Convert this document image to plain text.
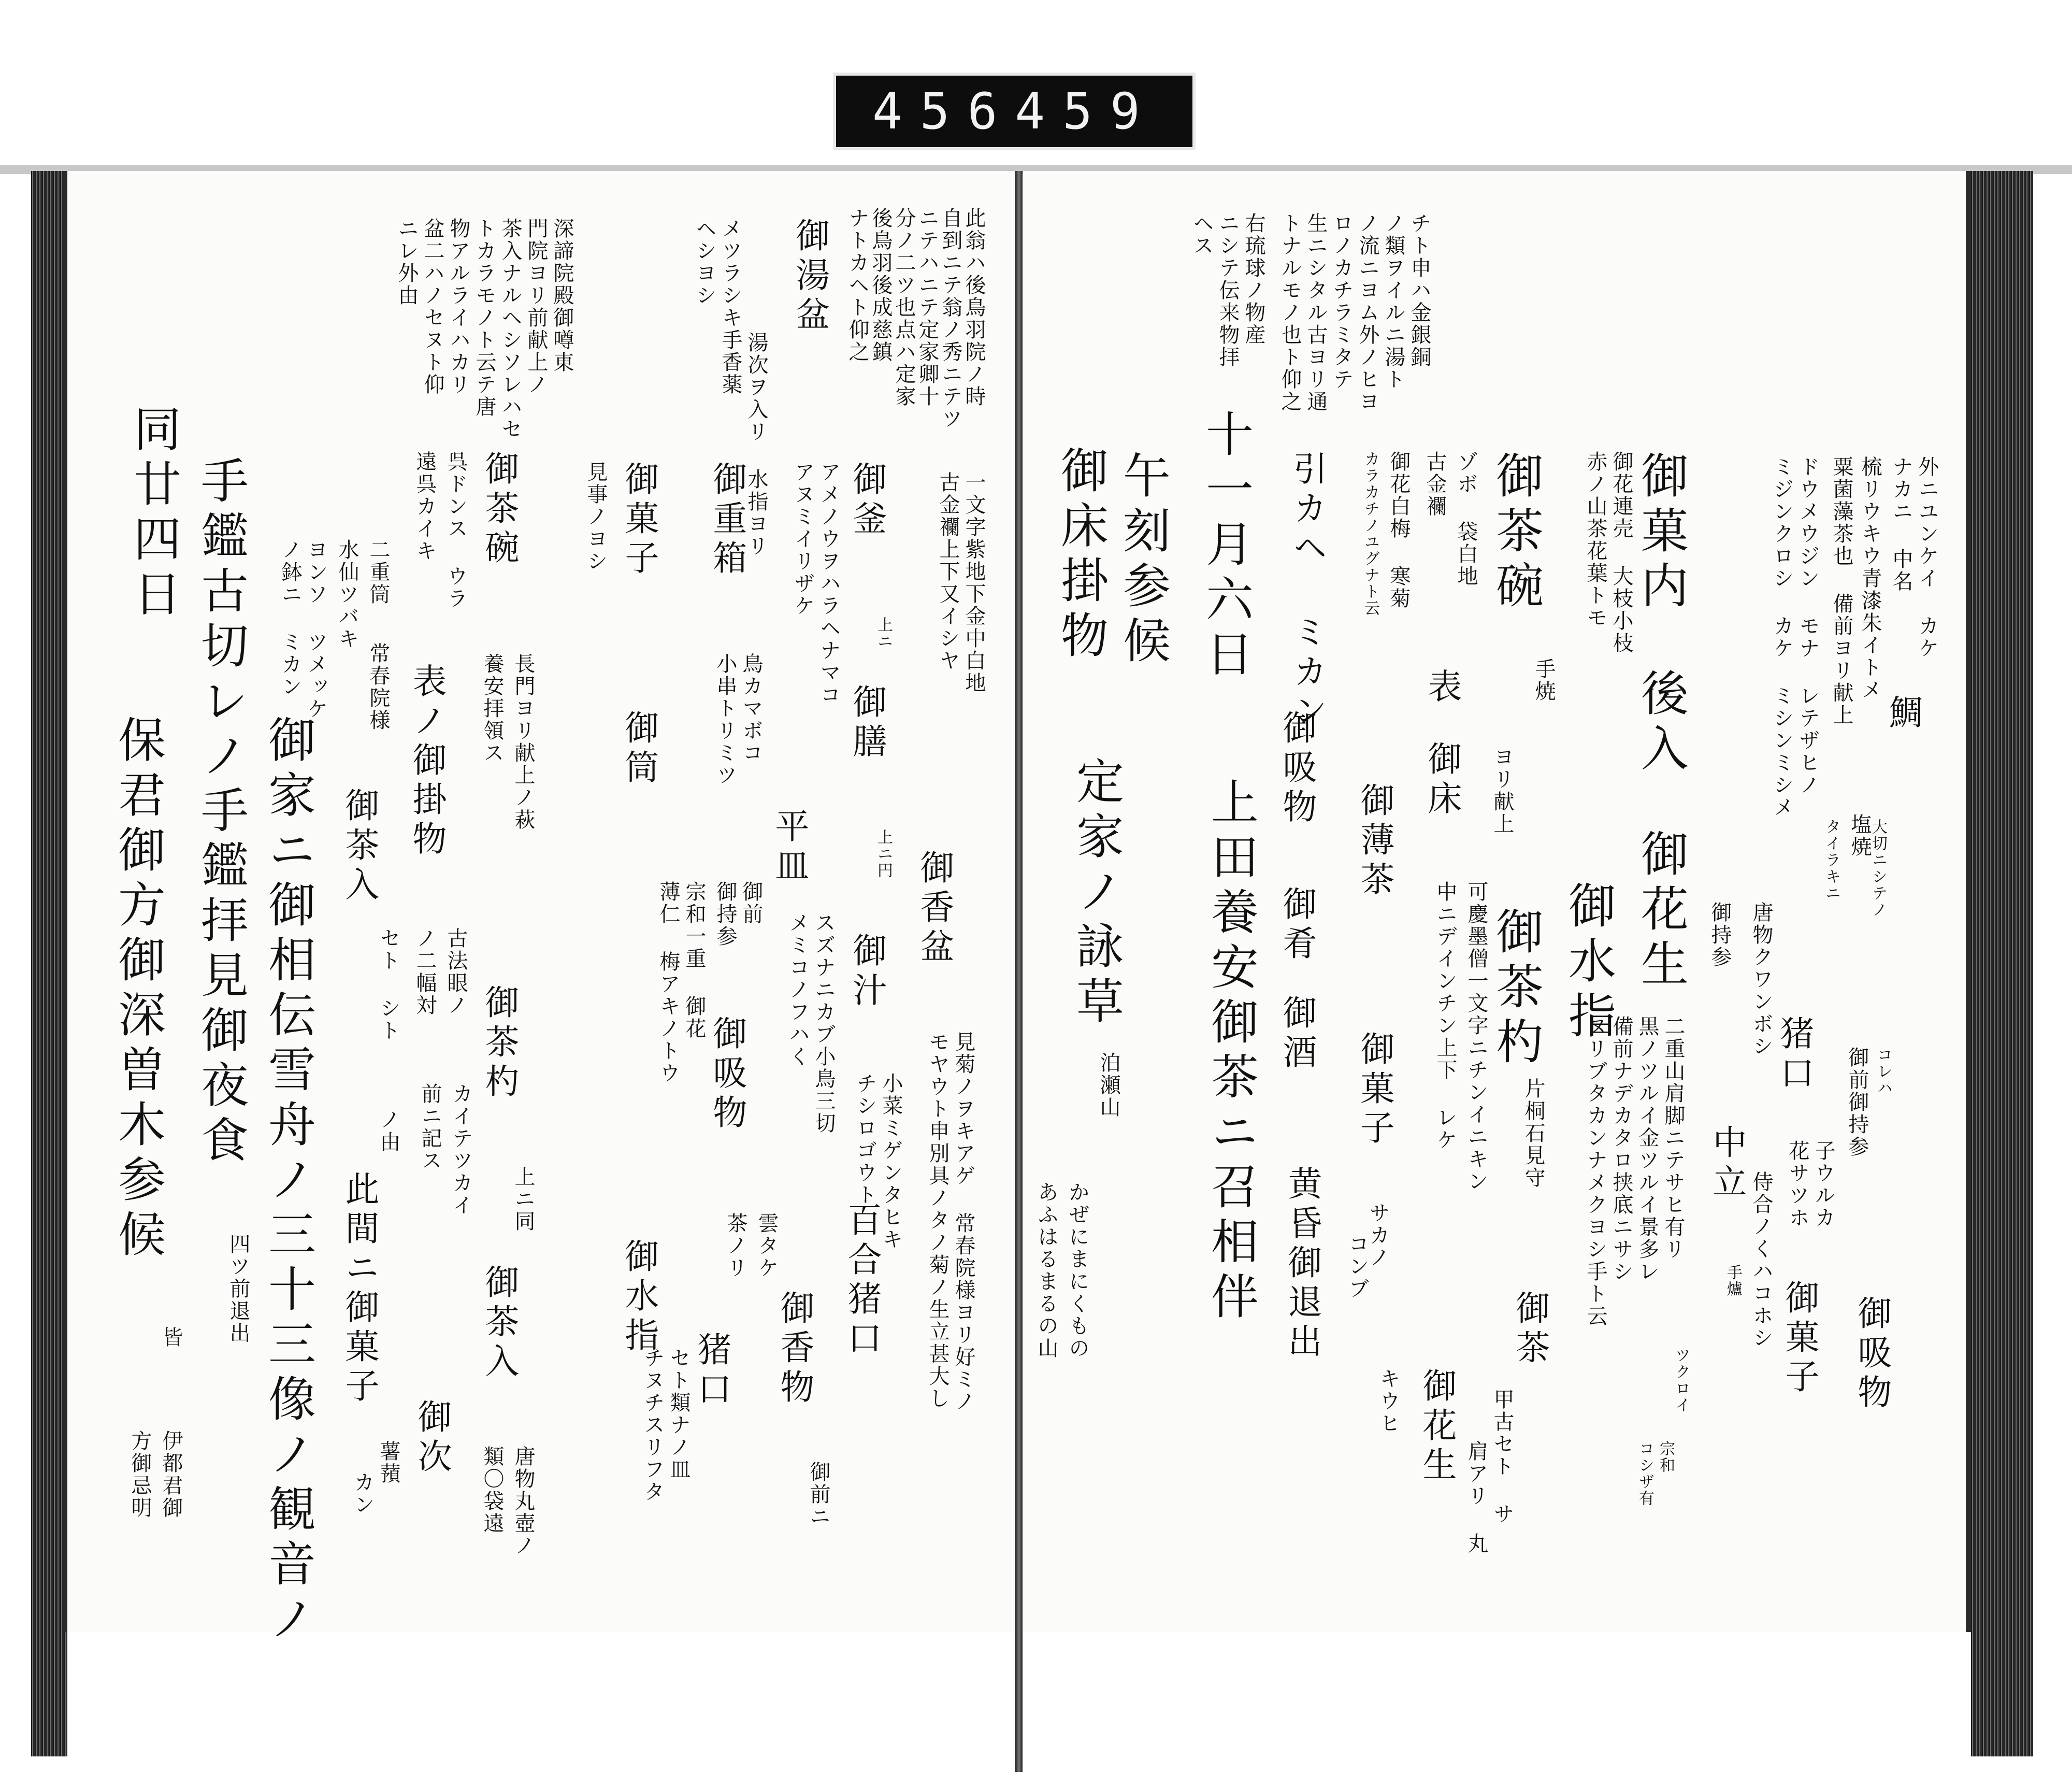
456 459
外ニユンケイ カケ
ナカニ 中名
鯛
大切ニシテノ
塩焼
梳リウキウ青漆朱イトメ
粟菌藻茶也 備前ヨリ献上
タイラキニ
ドウメウジン モナ レテザヒノ
ミジンクロシ カケ ミシンミシメ
コレハ
御前御持参
御吸物
子ウルカ
花サツホ
猪口
侍合ノくハコホシ 御菓子
手爐
中立
唐物クワンボシ
御持参
ツクロイ
御菓内
後入
御花生
二重山肩脚ニテサヒ有リ
黒ノツルイ金ツルイ景多レ
備前ナデカタロ挟底ニサシ
ヌリブタカンナメクヨシ手ト云
宗和
コシザ有
御花連売 大枝小枝
赤ノ山茶花葉トモ
手焼
御水指
御茶碗
御茶杓
片桐石見守
御茶
甲古セト サ
肩アリ 丸
ヨリ献上
ゾボ 袋白地
古金襴
表
御床
可慶墨僧一文字ニチンイニキン
中ニデインチン上下 レケ
御花生
御花白梅 寒菊
カラカチノユグナト云
御薄茶
御菓子
サカノ
コンブ
キウヒ
引カヘ ミカン
御吸物
御肴
御酒
黄昏御退出
チト申ハ金銀銅
ノ類ヲイルニ湯ト
ノ流ニヨム外ノヒヨ
ロノカチラミタテ
生ニシタル古ヨリ通
トナルモノ也ト仰之
右琉球ノ物産
ニシテ伝来物拝
ヘス
十一月六日
上田養安御茶ニ召相伴
午刻参候
御床掛物
定家ノ詠草
泊瀬山
かぜにまにくもの
あふはるまるの山
此翁ハ後鳥羽院ノ時
自到ニテ翁ノ秀ニテツ
ニテハニテ定家卿十
分ノ二ツ也点ハ定家
後鳥羽後成慈鎮
ナトカヘト仰之
御湯盆
湯次ヲ入リ 水指ヨリ
メツラシキ手香薬
ヘシヨシ
深諦院殿御噂東
門院ヨリ前献上ノ
茶入ナルヘシソレハセ
トカラモノト云テ唐
物アルライハカリ
盆二ハノセヌト仰
ニレ外由
一文字紫地下金中白地
古金襴上下又イシヤ
御釜
上ニ
御膳
上ニ円 御香盆
見菊ノヲキアゲ 常春院様ヨリ好ミノ
モヤウト申別具ノタノ菊ノ生立甚大し
アメノウヲハラヘナマコ
アヌミイリザケ
御汁
小菜ミゲンタヒキ
チシロゴウト
平皿
スズナニカブ小鳥三切
メミコノフハく
百合猪口
御重箱
鳥カマボコ
小串トリミツ
御前
御持参
御吸物
雲タケ
茶ノリ
猪口 御香物
御前ニ
宗和一重 御花
薄仁 梅アキノトウ
御菓子
見事ノヨシ
御筒
御水指
セト類ナノ皿
チヌチスリフタ
御茶碗
長門ヨリ献上ノ萩
養安拝領ス
呉ドンス ウラ
遠呉カイキ
二重筒
常春院様
水仙ツバキ
ヨンソ ツメッケ
ノ鉢ニ ミカン
表ノ御掛物
古法眼ノ
ノ二幅対
カイテツカイ
前ニ記ス
御茶杓
上ニ同
御茶入
唐物丸壺ノ
類〇袋遠
御茶入
セト シト
ノ由
此間ニ御菓子
薯蕷
カン
御次
御家ニ御相伝雪舟ノ三十三像ノ観音ノ
手鑑古切レノ手鑑拝見
御夜食
四ツ前退出
同廿四日
保君御方御深曽木参候
皆
伊都君御
方御忌明
